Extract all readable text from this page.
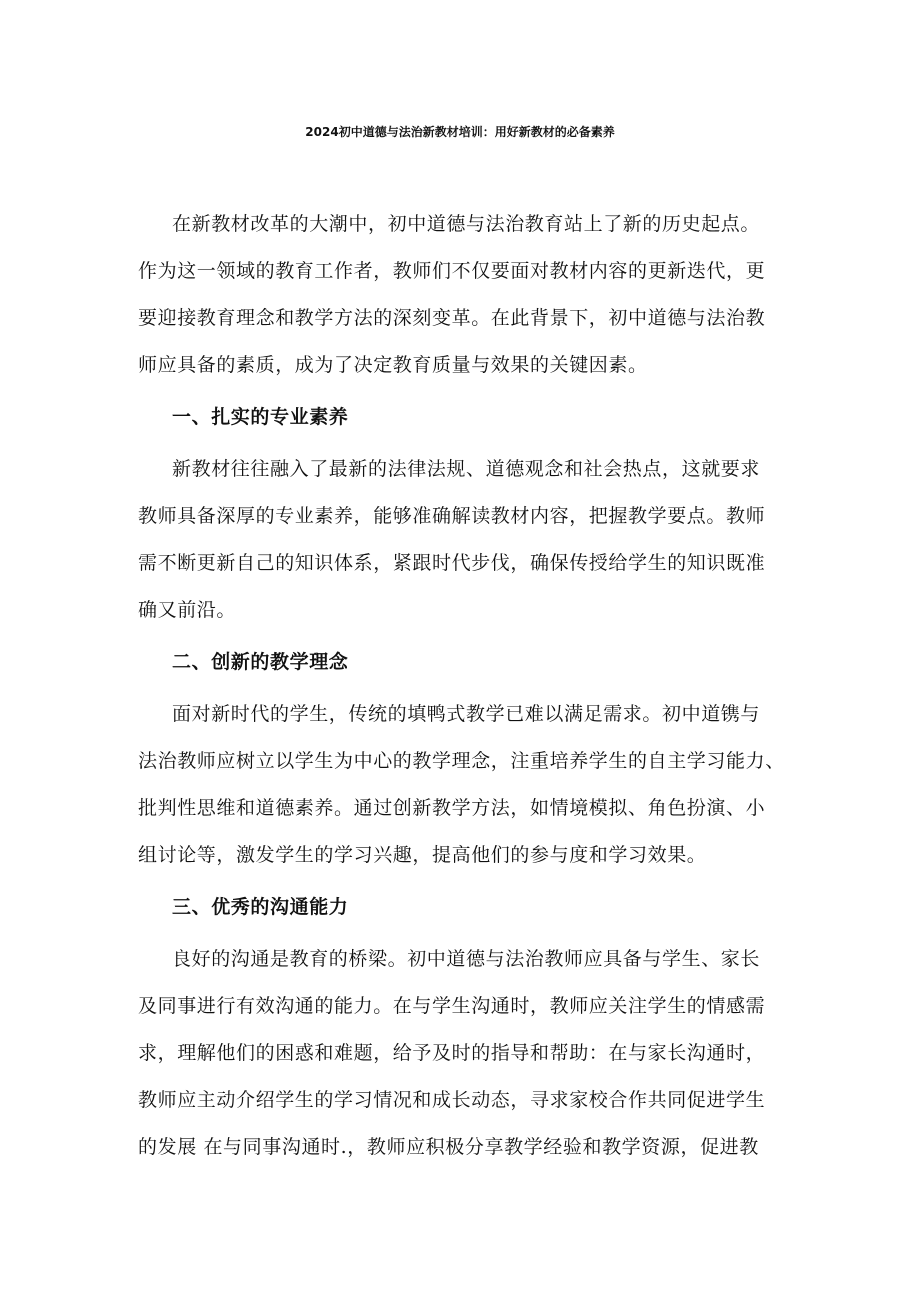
2024初中道德与法治新教材培训：用好新教材的必备素养
在新教材改革的大潮中，初中道德与法治教育站上了新的历史起点。
作为这一领域的教育工作者，教师们不仅要面对教材内容的更新迭代，更
要迎接教育理念和教学方法的深刻变革。在此背景下，初中道德与法治教
师应具备的素质，成为了决定教育质量与效果的关键因素。
一、扎实的专业素养
新教材往往融入了最新的法律法规、道德观念和社会热点，这就要求
教师具备深厚的专业素养，能够准确解读教材内容，把握教学要点。教师
需不断更新自己的知识体系，紧跟时代步伐，确保传授给学生的知识既准
确又前沿。
二、创新的教学理念
面对新时代的学生，传统的填鸭式教学已难以满足需求。初中道镌与
法治教师应树立以学生为中心的教学理念，注重培养学生的自主学习能力、
批判性思维和道德素养。通过创新教学方法，如情境模拟、角色扮演、小
组讨论等，激发学生的学习兴趣，提高他们的参与度和学习效果。
三、优秀的沟通能力
良好的沟通是教育的桥梁。初中道德与法治教师应具备与学生、家长
及同事进行有效沟通的能力。在与学生沟通时，教师应关注学生的情感需
求，理解他们的困惑和难题，给予及时的指导和帮助：在与家长沟通时，
教师应主动介绍学生的学习情况和成长动态，寻求家校合作共同促进学生
的发展 在与同事沟通时.，教师应积极分享教学经验和教学资源，促进教
